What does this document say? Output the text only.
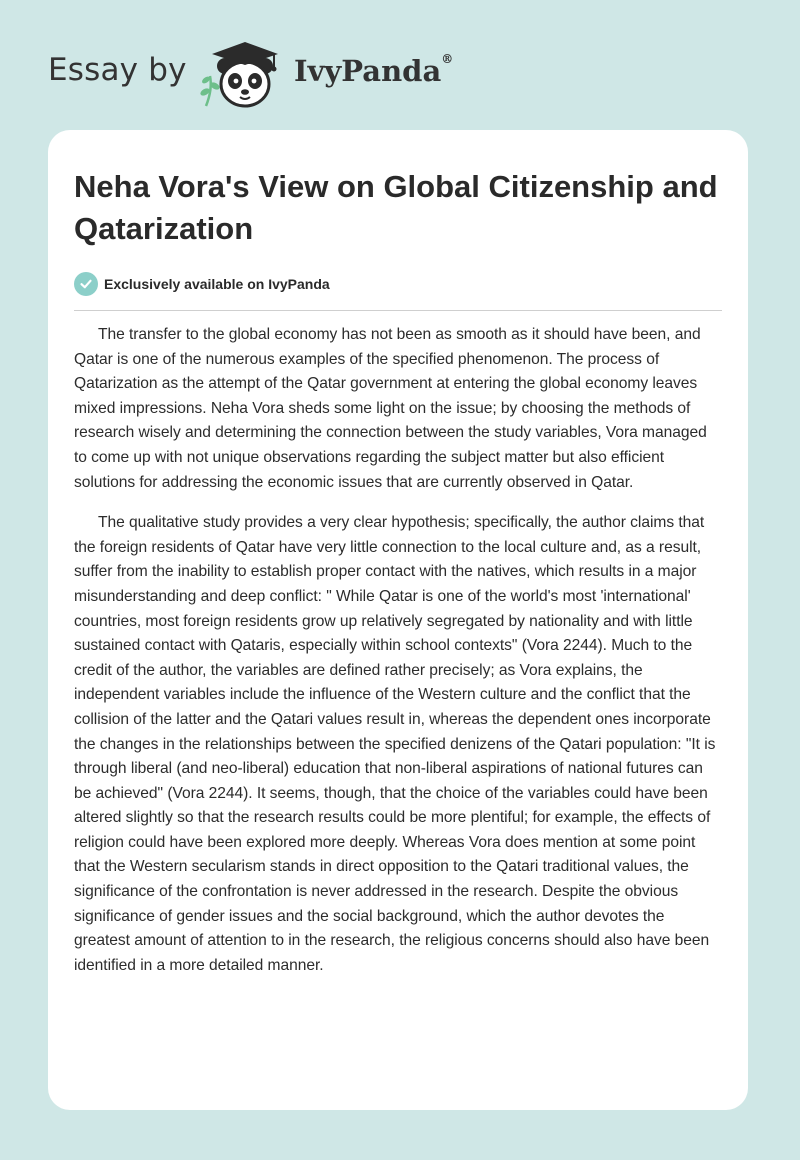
Essay by	IvyPanda®
Neha Vora's View on Global Citizenship and Qatarization
Exclusively available on IvyPanda

The transfer to the global economy has not been as smooth as it should have been, and Qatar is one of the numerous examples of the specified phenomenon. The process of Qatarization as the attempt of the Qatar government at entering the global economy leaves mixed impressions. Neha Vora sheds some light on the issue; by choosing the methods of research wisely and determining the connection between the study variables, Vora managed to come up with not unique observations regarding the subject matter but also efficient solutions for addressing the economic issues that are currently observed in Qatar.

The qualitative study provides a very clear hypothesis; specifically, the author claims that the foreign residents of Qatar have very little connection to the local culture and, as a result, suffer from the inability to establish proper contact with the natives, which results in a major misunderstanding and deep conflict: " While Qatar is one of the world's most 'international' countries, most foreign residents grow up relatively segregated by nationality and with little sustained contact with Qataris, especially within school contexts" (Vora 2244). Much to the credit of the author, the variables are defined rather precisely; as Vora explains, the independent variables include the influence of the Western culture and the conflict that the collision of the latter and the Qatari values result in, whereas the dependent ones incorporate the changes in the relationships between the specified denizens of the Qatari population: "It is through liberal (and neo-liberal) education that non-liberal aspirations of national futures can be achieved" (Vora 2244). It seems, though, that the choice of the variables could have been altered slightly so that the research results could be more plentiful; for example, the effects of religion could have been explored more deeply. Whereas Vora does mention at some point that the Western secularism stands in direct opposition to the Qatari traditional values, the significance of the confrontation is never addressed in the research. Despite the obvious significance of gender issues and the social background, which the author devotes the greatest amount of attention to in the research, the religious concerns should also have been identified in a more detailed manner.
